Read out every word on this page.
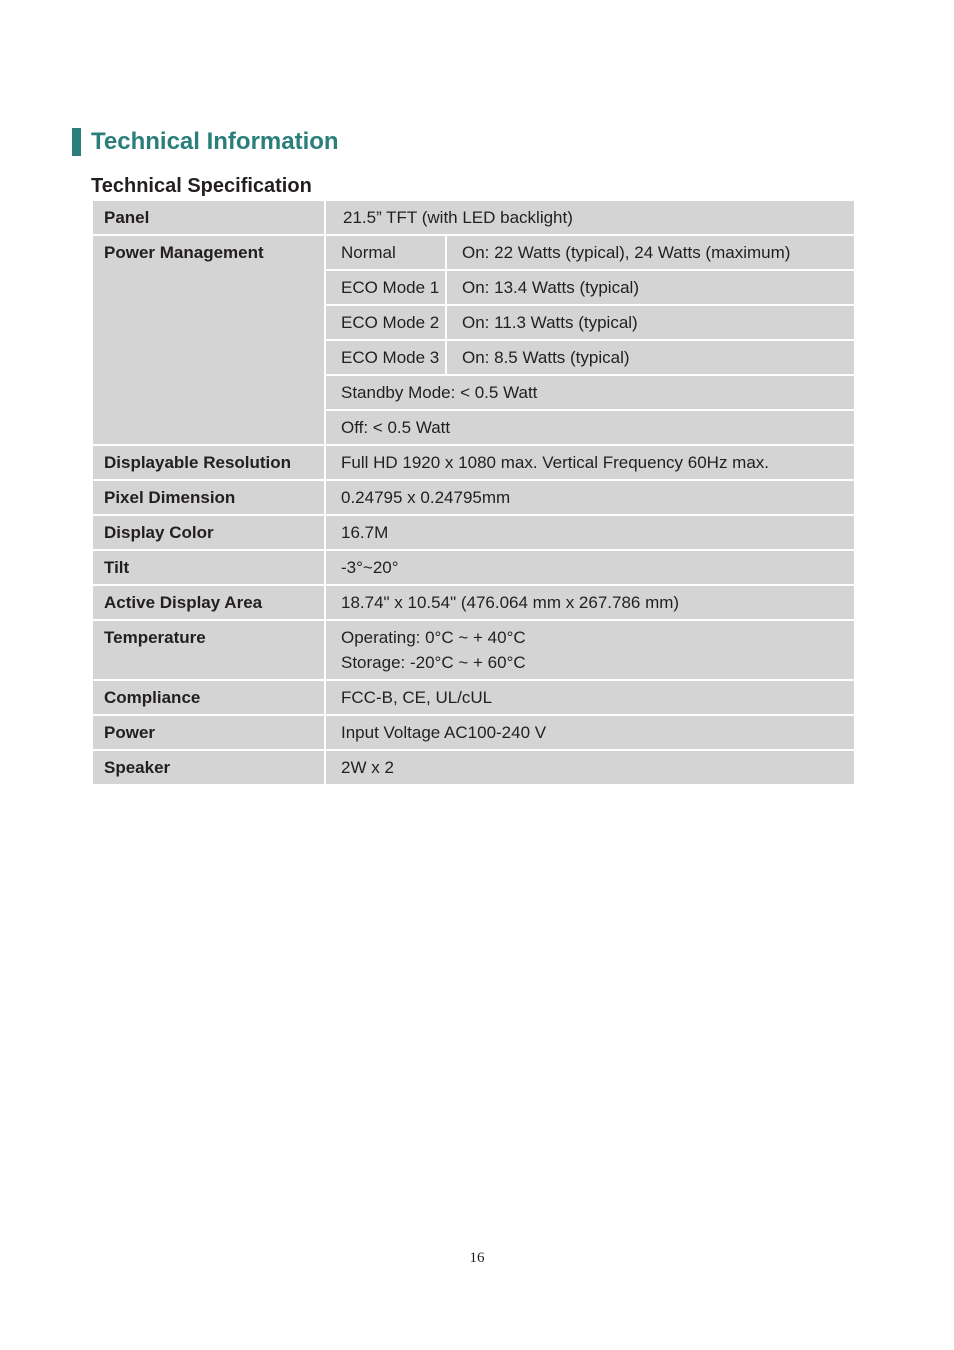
Technical Information
Technical Specification
Panel	21.5” TFT (with LED backlight)	
Power Management	Normal	On: 22 Watts (typical), 24 Watts (maximum)
	ECO Mode 1	On: 13.4 Watts (typical)
	ECO Mode 2	On: 11.3 Watts (typical)
	ECO Mode 3	On: 8.5 Watts (typical)
	Standby Mode: < 0.5 Watt	
	Off: < 0.5 Watt	
Displayable Resolution	Full HD 1920 x 1080 max. Vertical Frequency 60Hz max.	
Pixel Dimension	0.24795 x 0.24795mm	
Display Color	16.7M	
Tilt	-3°~20°	
Active Display Area	18.74" x 10.54" (476.064 mm x 267.786 mm)	
Temperature	Operating: 0°C ~ + 40°C
Storage: -20°C ~ + 60°C	

Compliance	FCC-B, CE, UL/cUL	
Power	Input Voltage AC100-240 V	
Speaker	2W x 2	
16
